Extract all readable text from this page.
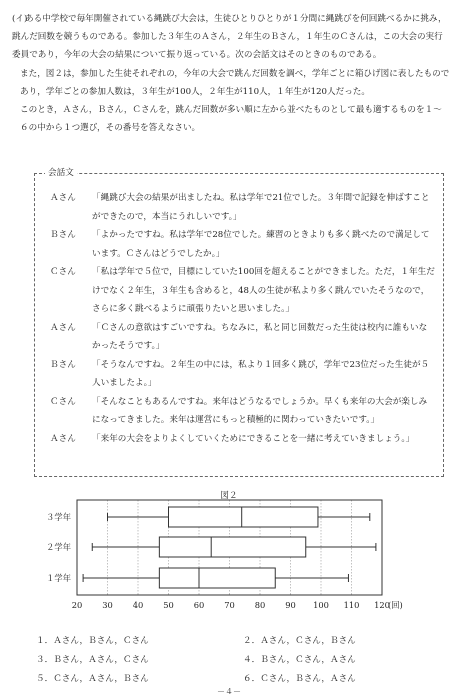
(イ)ある中学校で毎年開催されている縄跳び大会は，生徒ひとりひとりが１分間に縄跳びを何回跳べるかに挑み，跳んだ回数を競うものである。参加した３年生のＡさん，２年生のＢさん，１年生のＣさんは，この大会の実行委員であり，今年の大会の結果について振り返っている。次の会話文はそのときのものである。

また，図２は，参加した生徒それぞれの，今年の大会で跳んだ回数を調べ，学年ごとに箱ひげ図に表したものであり，学年ごとの参加人数は，３年生が100人，２年生が110人，１年生が120人だった。

このとき，Ａさん，Ｂさん，Ｃさんを，跳んだ回数が多い順に左から並べたものとして最も適するものを１～６の中から１つ選び，その番号を答えなさい。

会話文
Ａさん	「縄跳び大会の結果が出ましたね。私は学年で21位でした。３年間で記録を伸ばすことができたので，本当にうれしいです。」
Ｂさん	「よかったですね。私は学年で28位でした。練習のときよりも多く跳べたので満足しています。Ｃさんはどうでしたか。」
Ｃさん	「私は学年で５位で，目標にしていた100回を超えることができました。ただ，１年生だけでなく２年生，３年生も含めると，48人の生徒が私より多く跳んでいたそうなので，さらに多く跳べるように頑張りたいと思いました。」
Ａさん	「Ｃさんの意欲はすごいですね。ちなみに，私と同じ回数だった生徒は校内に誰もいなかったそうです。」
Ｂさん	「そうなんですね。２年生の中には，私より１回多く跳び，学年で23位だった生徒が５人いましたよ。」
Ｃさん	「そんなこともあるんですね。来年はどうなるでしょうか。早くも来年の大会が楽しみになってきました。来年は運営にもっと積極的に関わっていきたいです。」
Ａさん	「来年の大会をよりよくしていくためにできることを一緒に考えていきましょう。」
図２
20 30 40 50 60 70 80 90 100 110 120
(回)
３学年
２学年
１学年
１．Ａさん，Ｂさん，Ｃさん	２．Ａさん，Ｃさん，Ｂさん
３．Ｂさん，Ａさん，Ｃさん	４．Ｂさん，Ｃさん，Ａさん
５．Ｃさん，Ａさん，Ｂさん	６．Ｃさん，Ｂさん，Ａさん
－４－
